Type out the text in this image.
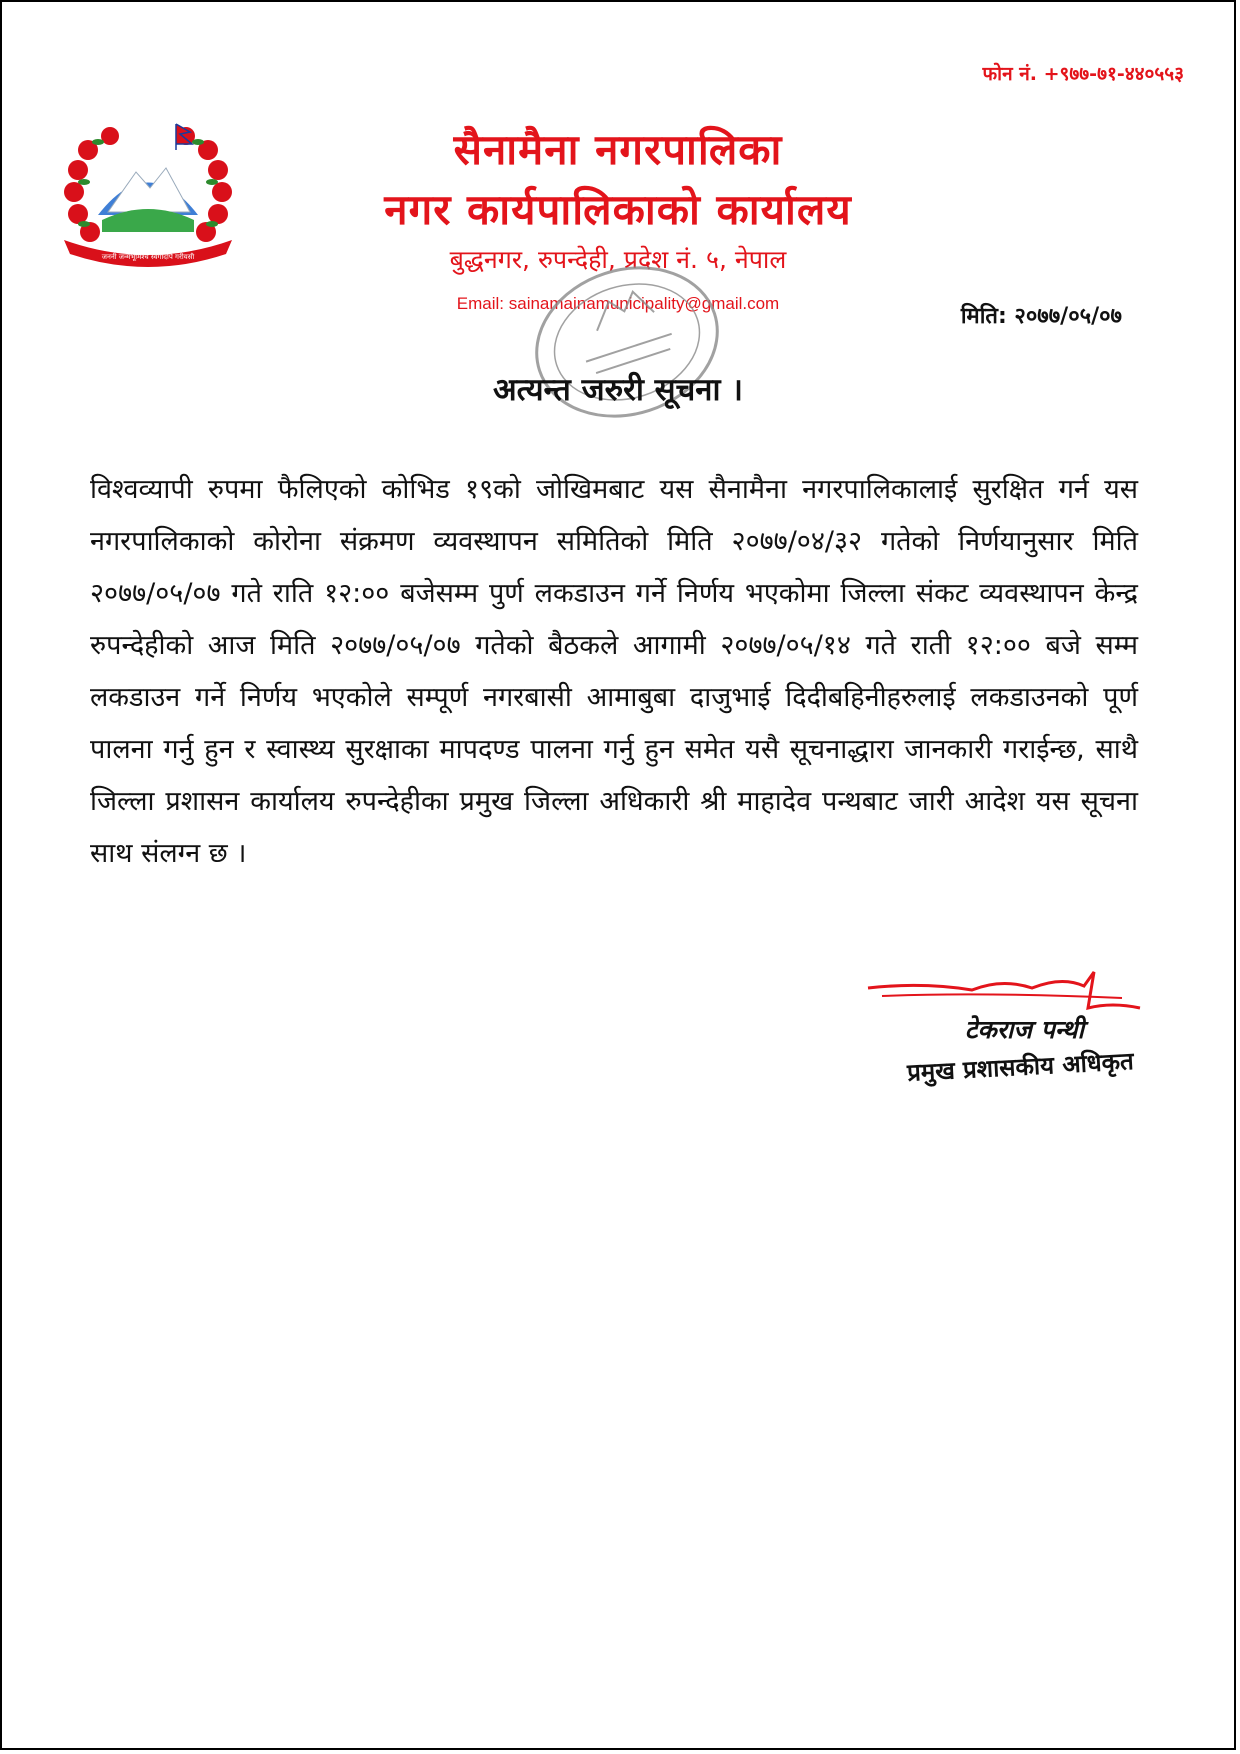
फोन नं. +९७७-७१-४४०५५३
जननी जन्मभूमिश्च स्वर्गादपि गरीयसी
सैनामैना नगरपालिका
नगर कार्यपालिकाको कार्यालय
बुद्धनगर, रुपन्देही, प्रदेश नं. ५, नेपाल
Email: sainamainamunicipality@gmail.com
मिति: २०७७/०५/०७
अत्यन्त जरुरी सूचना ।
विश्वव्यापी रुपमा फैलिएको कोभिड १९को जोखिमबाट यस सैनामैना नगरपालिकालाई सुरक्षित गर्न यस नगरपालिकाको कोरोना संक्रमण व्यवस्थापन समितिको मिति २०७७/०४/३२ गतेको निर्णयानुसार मिति २०७७/०५/०७ गते राति १२:०० बजेसम्म पुर्ण लकडाउन गर्ने निर्णय भएकोमा जिल्ला संकट व्यवस्थापन केन्द्र रुपन्देहीको आज मिति २०७७/०५/०७ गतेको बैठकले आगामी २०७७/०५/१४ गते राती १२:०० बजे सम्म लकडाउन गर्ने निर्णय भएकोले सम्पूर्ण नगरबासी आमाबुबा दाजुभाई दिदीबहिनीहरुलाई लकडाउनको पूर्ण पालना गर्नु हुन र स्वास्थ्य सुरक्षाका मापदण्ड पालना गर्नु हुन समेत यसै सूचनाद्धारा जानकारी गराईन्छ, साथै जिल्ला प्रशासन कार्यालय रुपन्देहीका प्रमुख जिल्ला अधिकारी श्री माहादेव पन्थबाट जारी आदेश यस सूचना साथ संलग्न छ ।
टेकराज पन्थी
प्रमुख प्रशासकीय अधिकृत
